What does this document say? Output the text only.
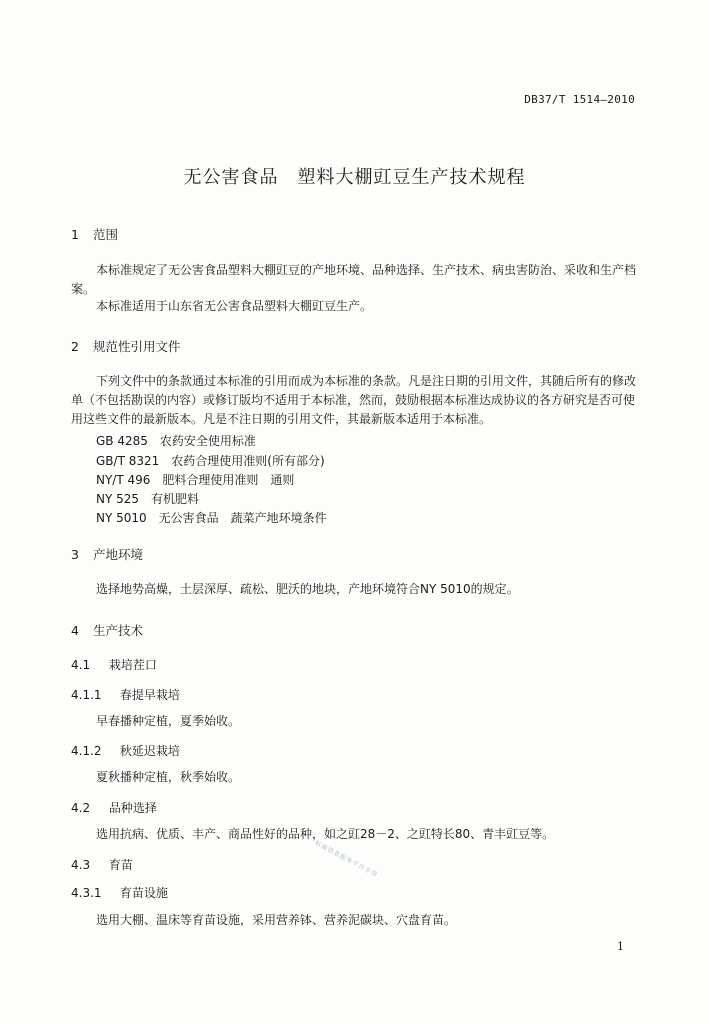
DB37/T 1514—2010
无公害食品　塑料大棚豇豆生产技术规程
1 范围
本标准规定了无公害食品塑料大棚豇豆的产地环境、品种选择、生产技术、病虫害防治、采收和生产档案。
本标准适用于山东省无公害食品塑料大棚豇豆生产。
2 规范性引用文件
下列文件中的条款通过本标准的引用而成为本标准的条款。凡是注日期的引用文件，其随后所有的修改单（不包括勘误的内容）或修订版均不适用于本标准，然而，鼓励根据本标准达成协议的各方研究是否可使用这些文件的最新版本。凡是不注日期的引用文件，其最新版本适用于本标准。
GB 4285　农药安全使用标准
GB/T 8321　农药合理使用准则(所有部分)
NY/T 496　肥料合理使用准则　通则
NY 525　有机肥料
NY 5010　无公害食品　蔬菜产地环境条件
3 产地环境
选择地势高燥，土层深厚、疏松、肥沃的地块，产地环境符合NY 5010的规定。
4 生产技术
4.1 栽培茬口
4.1.1 春提早栽培
早春播种定植，夏季始收。
4.1.2 秋延迟栽培
夏秋播种定植，秋季始收。
4.2 品种选择
选用抗病、优质、丰产、商品性好的品种，如之豇28－2、之豇特长80、青丰豇豆等。
4.3 育苗
4.3.1 育苗设施
选用大棚、温床等育苗设施，采用营养钵、营养泥碳块、穴盘育苗。
标准信息服务平台专用
1
